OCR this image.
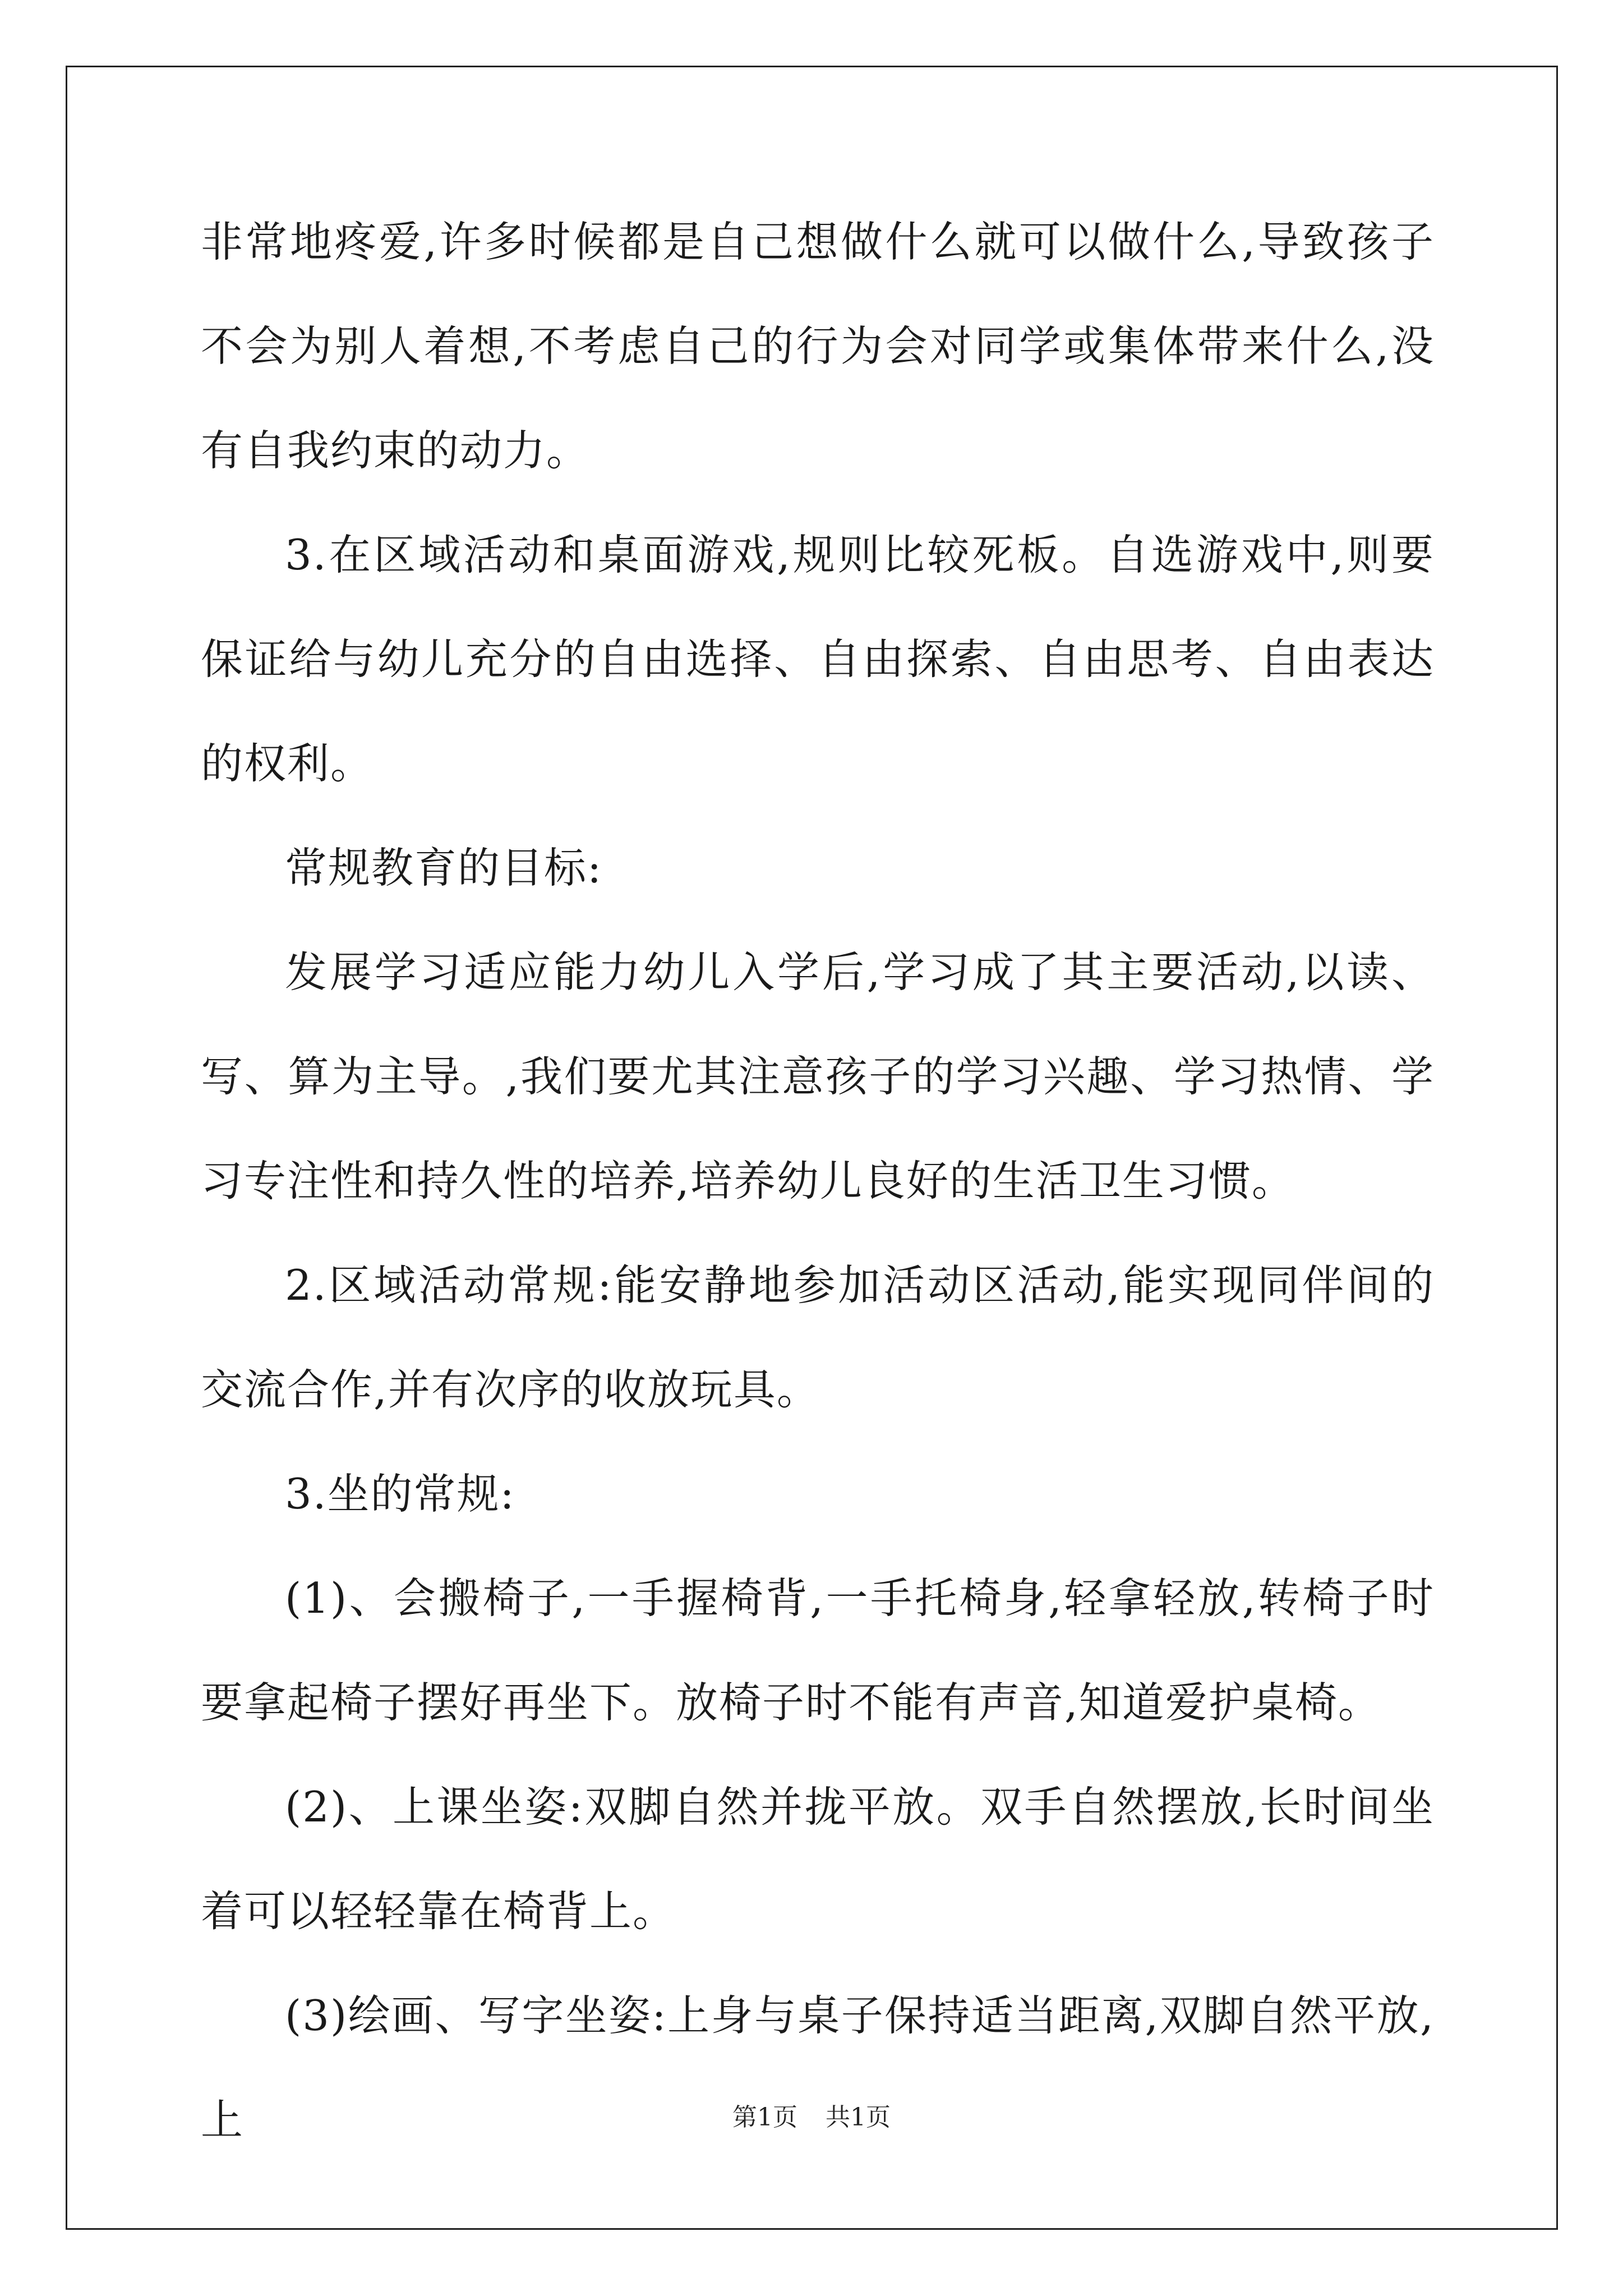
非常地疼爱,许多时候都是自己想做什么就可以做什么,导致孩子不会为别人着想,不考虑自己的行为会对同学或集体带来什么,没有自我约束的动力。

3.在区域活动和桌面游戏,规则比较死板。自选游戏中,则要保证给与幼儿充分的自由选择、自由探索、自由思考、自由表达的权利。

常规教育的目标:

发展学习适应能力幼儿入学后,学习成了其主要活动,以读、写、算为主导。,我们要尤其注意孩子的学习兴趣、学习热情、学习专注性和持久性的培养,培养幼儿良好的生活卫生习惯。

2.区域活动常规:能安静地参加活动区活动,能实现同伴间的交流合作,并有次序的收放玩具。

3.坐的常规:

(1)、会搬椅子,一手握椅背,一手托椅身,轻拿轻放,转椅子时要拿起椅子摆好再坐下。放椅子时不能有声音,知道爱护桌椅。

(2)、上课坐姿:双脚自然并拢平放。双手自然摆放,长时间坐着可以轻轻靠在椅背上。

(3)绘画、写字坐姿:上身与桌子保持适当距离,双脚自然平放,上	第1页 共1页
